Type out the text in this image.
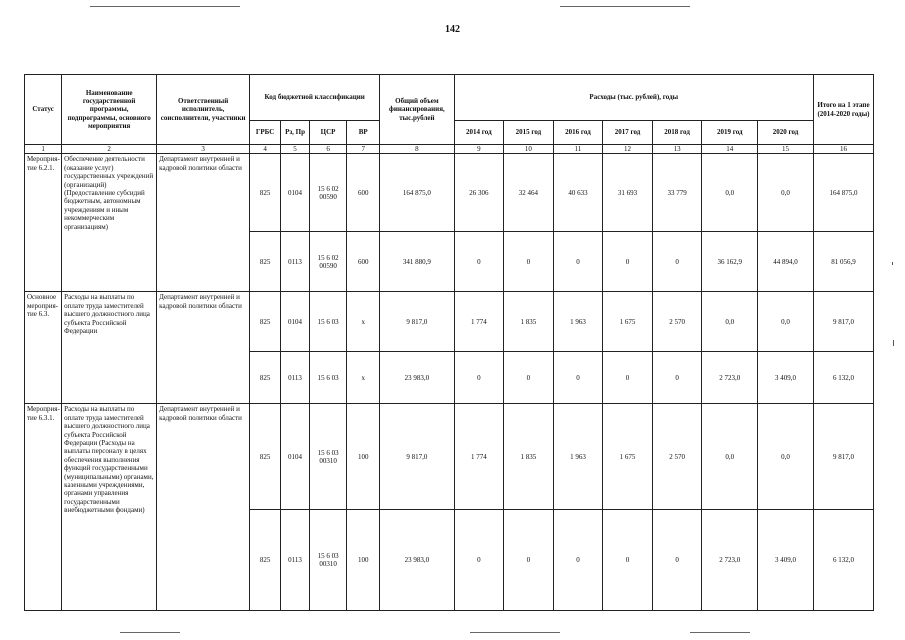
142
Статус	Наименование государственной программы, подпрограммы, основного мероприятия	Ответственный исполнитель, соисполнители, участники	Код бюджетной классификации				Общий объем финансирования, тыс.рублей	Расходы (тыс. рублей), годы							Итого на 1 этапе (2014-2020 годы)
			ГРБС	Рз, Пр	ЦСР	ВР		2014 год	2015 год	2016 год	2017 год	2018 год	2019 год	2020 год	
1	2	3	4	5	6	7	8	9	10	11	12	13	14	15	16
Мероприя-тие 6.2.1.	Обеспечение деятельности (оказание услуг) государственных учреждений (организаций) (Предоставление субсидий бюджетным, автономным учреждениям и иным некоммерческим организациям)	Департамент внутренней и кадровой политики области	825	0104	15 6 02 00590	600	164 875,0	26 306	32 464	40 633	31 693	33 779	0,0	0,0	164 875,0
			825	0113	15 6 02 00590	600	341 880,9	0	0	0	0	0	36 162,9	44 894,0	81 056,9
Основное мероприя-тие 6.3.	Расходы на выплаты по оплате труда заместителей высшего должностного лица субъекта Российской Федерации	Департамент внутренней и кадровой политики области	825	0104	15 6 03	х	9 817,0	1 774	1 835	1 963	1 675	2 570	0,0	0,0	9 817,0
			825	0113	15 6 03	х	23 983,0	0	0	0	0	0	2 723,0	3 409,0	6 132,0
Мероприя-тие 6.3.1.	Расходы на выплаты по оплате труда заместителей высшего должностного лица субъекта Российской Федерации (Расходы на выплаты персоналу в целях обеспечения выполнения функций государственными (муниципальными) органами, казенными учреждениями, органами управления государственными внебюджетными фондами)	Департамент внутренней и кадровой политики области	825	0104	15 6 03 00310	100	9 817,0	1 774	1 835	1 963	1 675	2 570	0,0	0,0	9 817,0
			825	0113	15 6 03 00310	100	23 983,0	0	0	0	0	0	2 723,0	3 409,0	6 132,0
